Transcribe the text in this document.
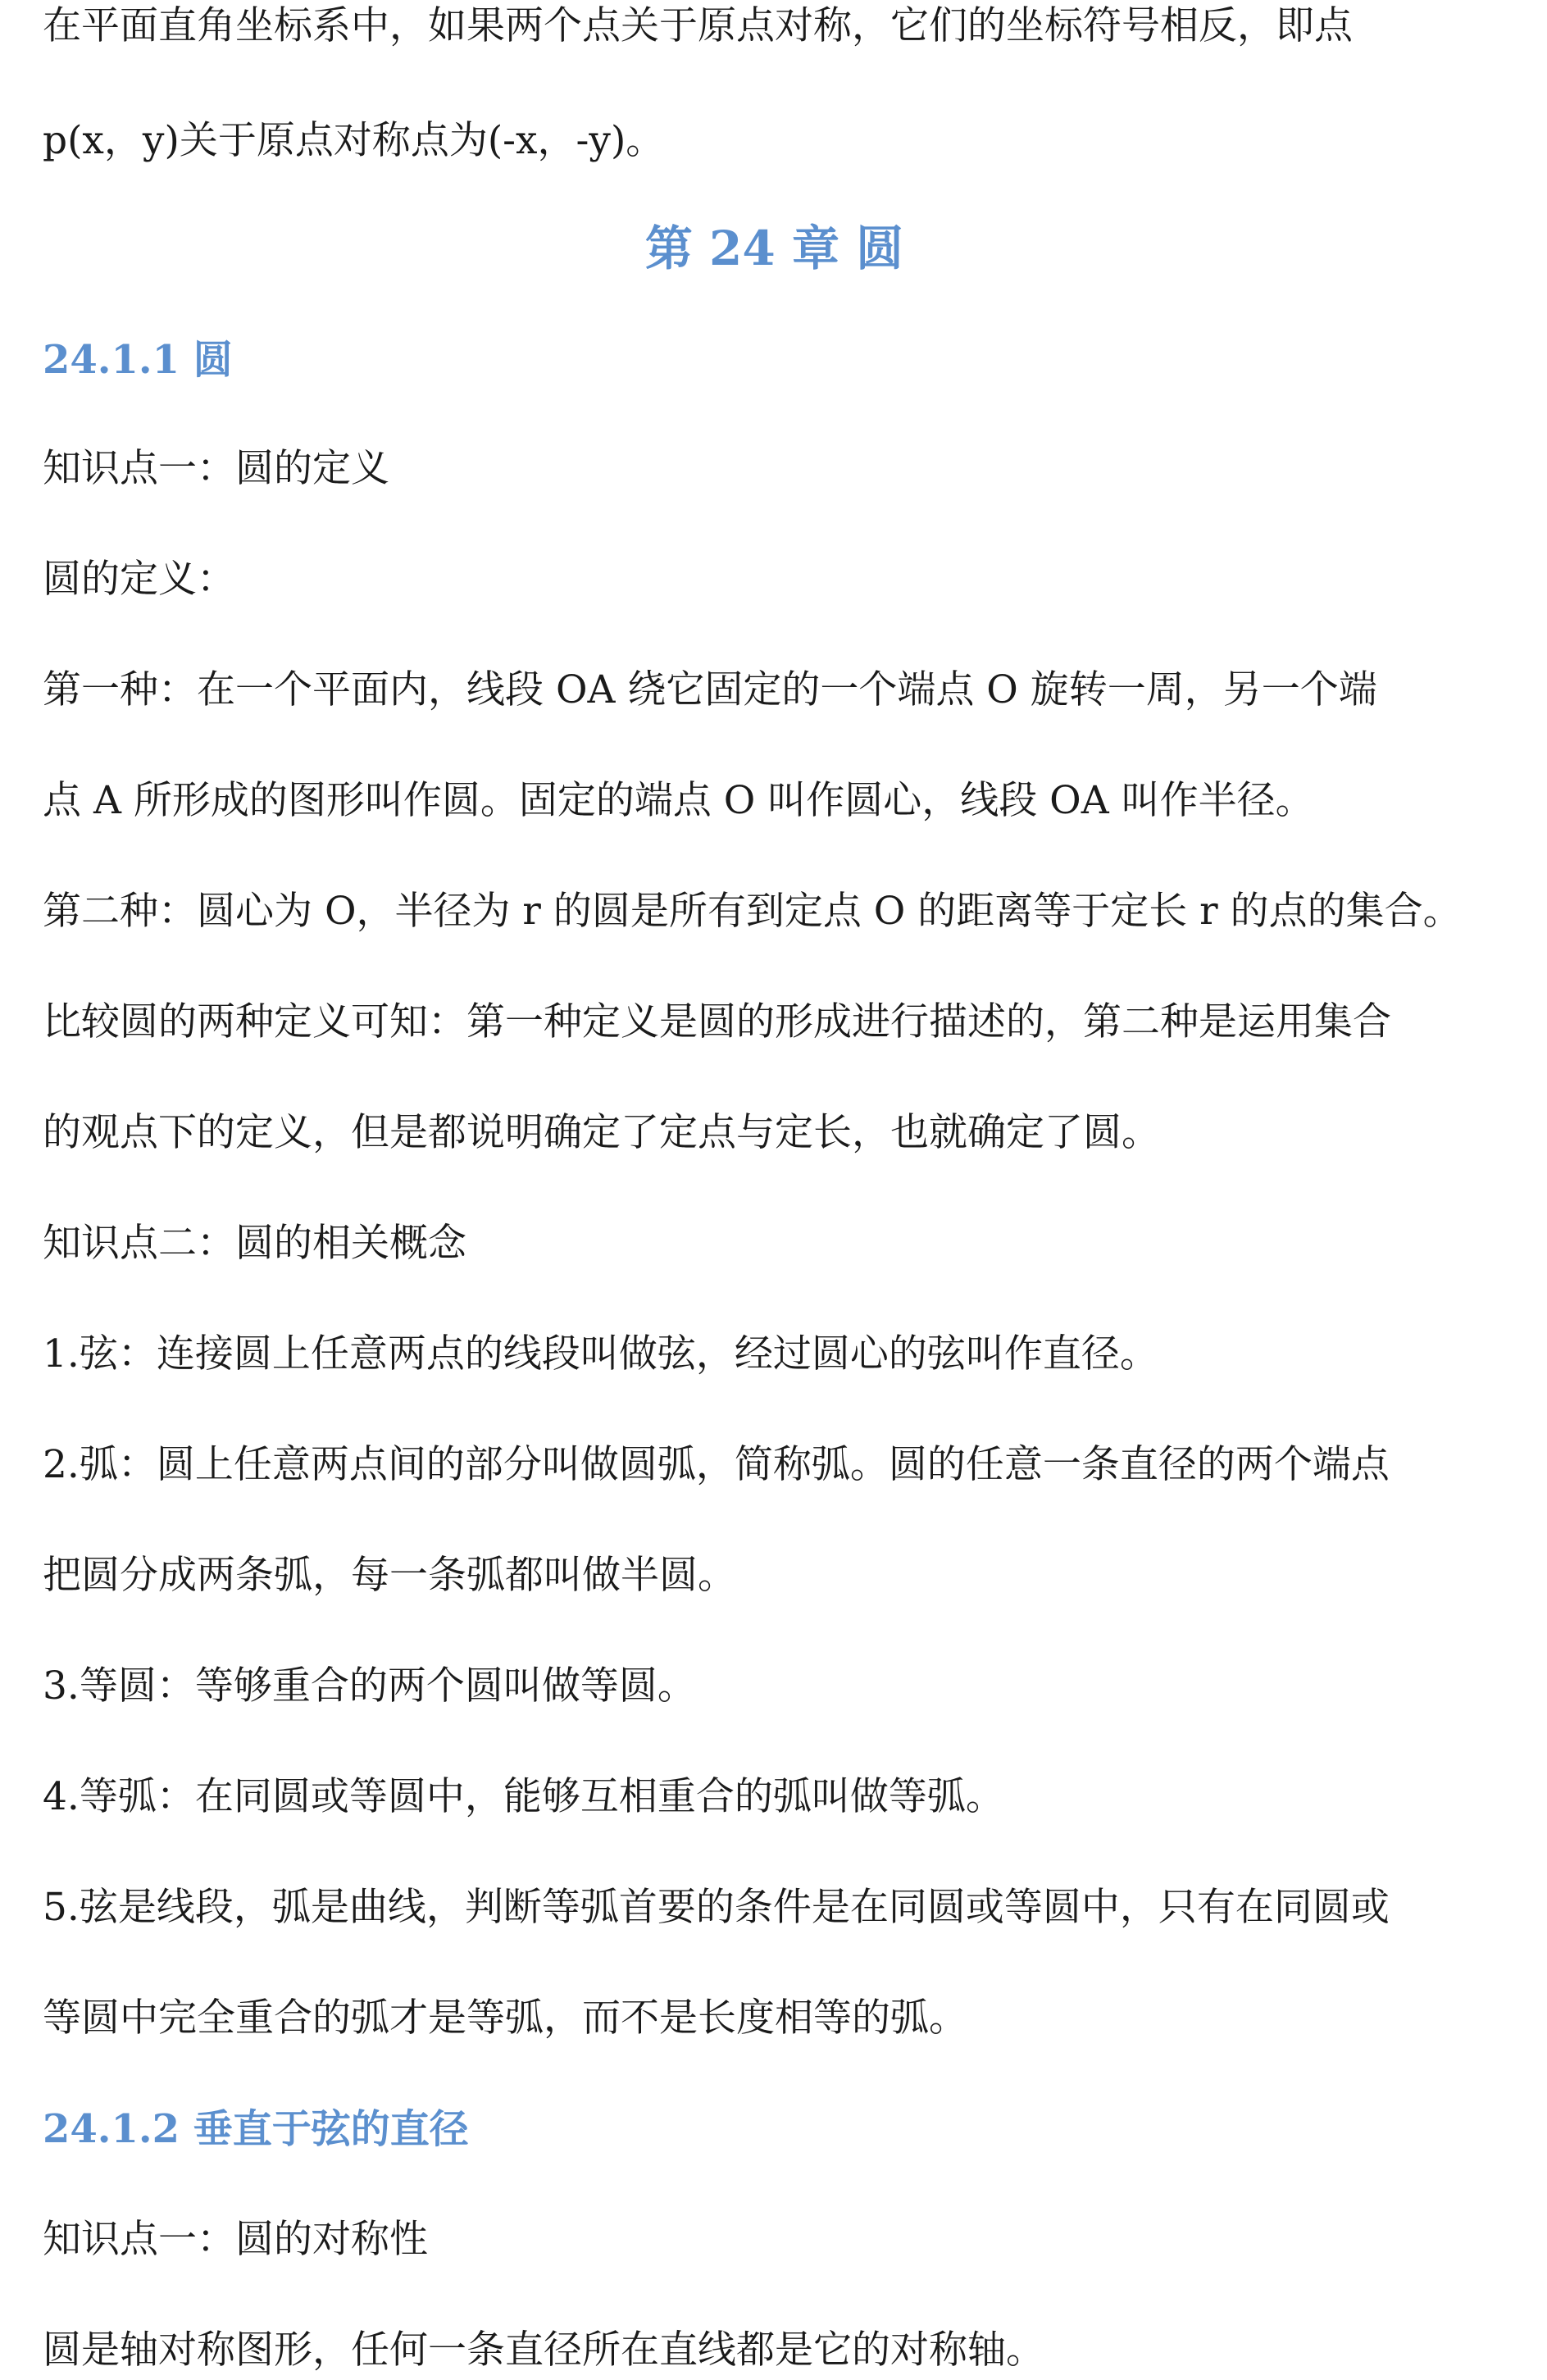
在平面直角坐标系中，如果两个点关于原点对称，它们的坐标符号相反，即点
p(x，y)关于原点对称点为(-x，-y)。
第 24 章 圆
24.1.1 圆
知识点一：圆的定义
圆的定义：
第一种：在一个平面内，线段 OA 绕它固定的一个端点 O 旋转一周，另一个端
点 A 所形成的图形叫作圆。固定的端点 O 叫作圆心，线段 OA 叫作半径。
第二种：圆心为 O，半径为 r 的圆是所有到定点 O 的距离等于定长 r 的点的集合。
比较圆的两种定义可知：第一种定义是圆的形成进行描述的，第二种是运用集合
的观点下的定义，但是都说明确定了定点与定长，也就确定了圆。
知识点二：圆的相关概念
1.弦：连接圆上任意两点的线段叫做弦，经过圆心的弦叫作直径。
2.弧：圆上任意两点间的部分叫做圆弧，简称弧。圆的任意一条直径的两个端点
把圆分成两条弧，每一条弧都叫做半圆。
3.等圆：等够重合的两个圆叫做等圆。
4.等弧：在同圆或等圆中，能够互相重合的弧叫做等弧。
5.弦是线段，弧是曲线，判断等弧首要的条件是在同圆或等圆中，只有在同圆或
等圆中完全重合的弧才是等弧，而不是长度相等的弧。
24.1.2 垂直于弦的直径
知识点一：圆的对称性
圆是轴对称图形，任何一条直径所在直线都是它的对称轴。
